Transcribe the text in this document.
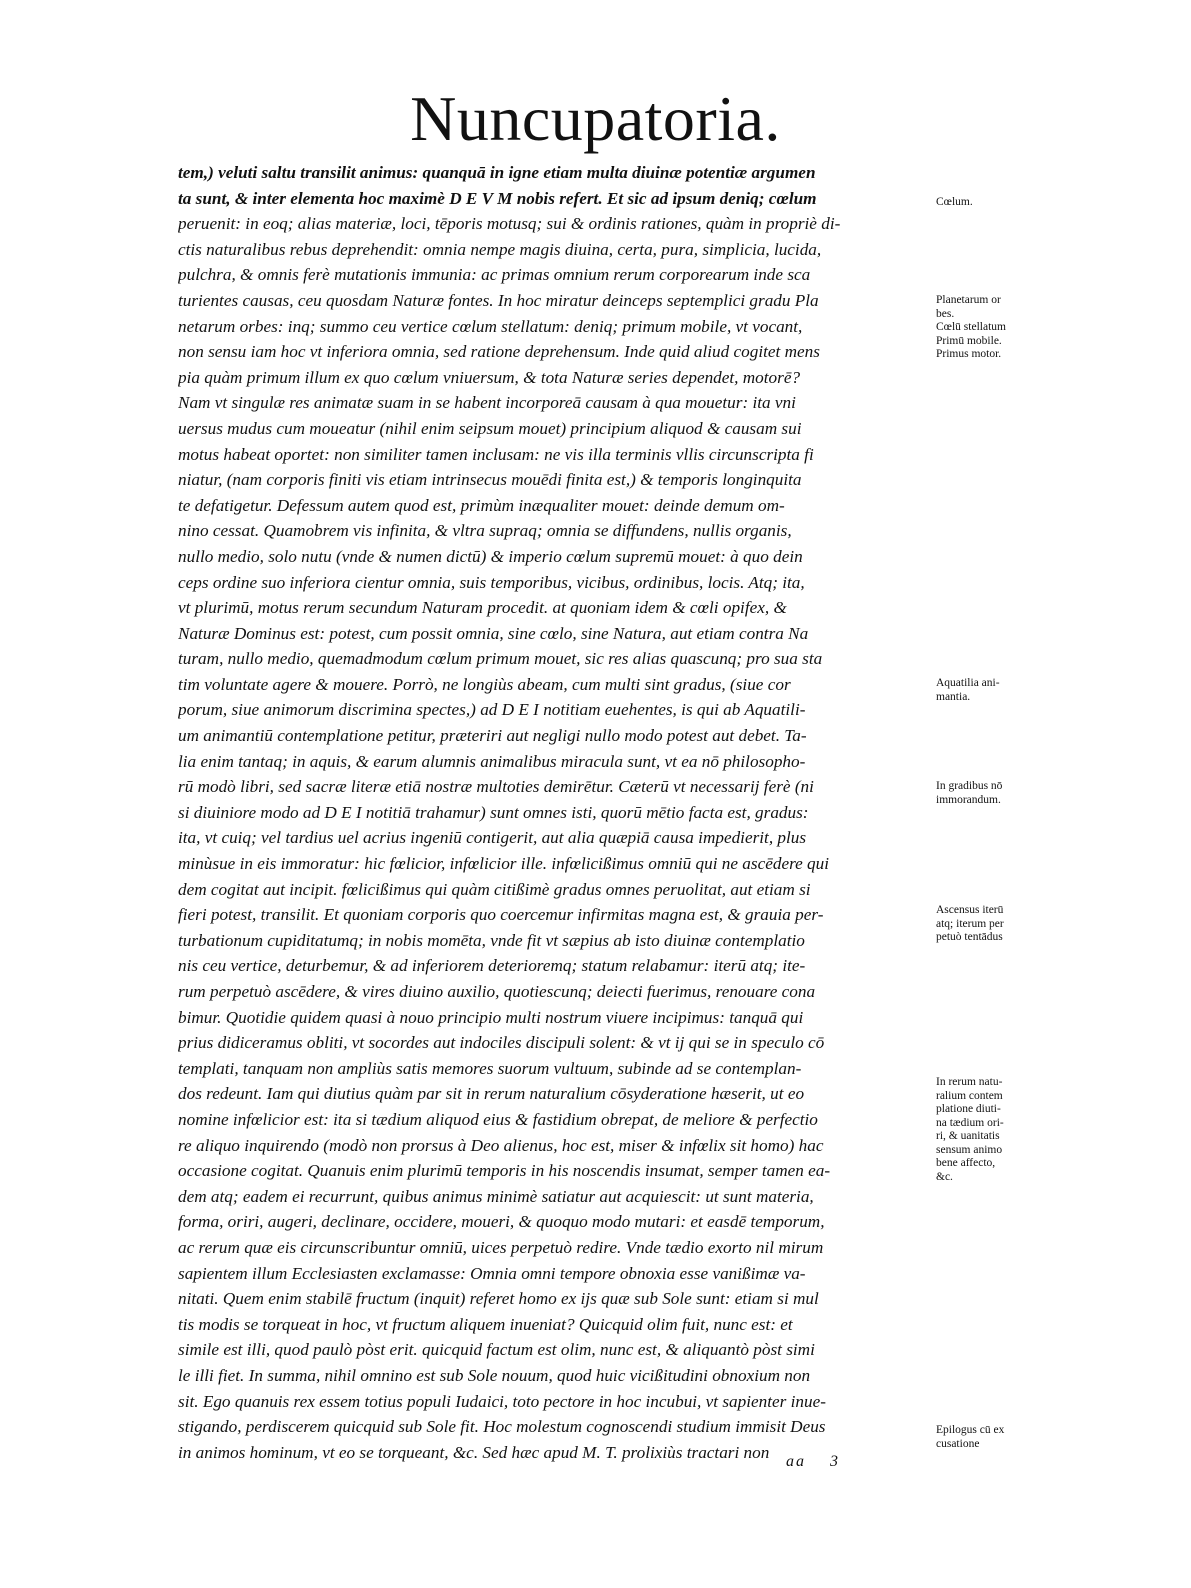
Nuncupatoria.
tem,) veluti saltu transilit animus: quanquā in igne etiam multa diuinæ potentiæ argumen
ta sunt, & inter elementa hoc maximè D E V M nobis refert. Et sic ad ipsum deniq; cœlum
peruenit: in eoq; alias materiæ, loci, tēporis motusq; sui & ordinis rationes, quàm in propriè di-
ctis naturalibus rebus deprehendit: omnia nempe magis diuina, certa, pura, simplicia, lucida,
pulchra, & omnis ferè mutationis immunia: ac primas omnium rerum corporearum inde sca
turientes causas, ceu quosdam Naturæ fontes. In hoc miratur deinceps septemplici gradu Pla
netarum orbes: inq; summo ceu vertice cœlum stellatum: deniq; primum mobile, vt vocant,
non sensu iam hoc vt inferiora omnia, sed ratione deprehensum. Inde quid aliud cogitet mens
pia quàm primum illum ex quo cœlum vniuersum, & tota Naturæ series dependet, motorē?
Nam vt singulæ res animatæ suam in se habent incorporeā causam à qua mouetur: ita vni
uersus mudus cum moueatur (nihil enim seipsum mouet) principium aliquod & causam sui
motus habeat oportet: non similiter tamen inclusam: ne vis illa terminis vllis circunscripta fi
niatur, (nam corporis finiti vis etiam intrinsecus mouēdi finita est,) & temporis longinquita
te defatigetur. Defessum autem quod est, primùm inæqualiter mouet: deinde demum om-
nino cessat. Quamobrem vis infinita, & vltra supraq; omnia se diffundens, nullis organis,
nullo medio, solo nutu (vnde & numen dictū) & imperio cœlum supremū mouet: à quo dein
ceps ordine suo inferiora cientur omnia, suis temporibus, vicibus, ordinibus, locis. Atq; ita,
vt plurimū, motus rerum secundum Naturam procedit. at quoniam idem & cœli opifex, &
Naturæ Dominus est: potest, cum possit omnia, sine cœlo, sine Natura, aut etiam contra Na
turam, nullo medio, quemadmodum cœlum primum mouet, sic res alias quascunq; pro sua sta
tim voluntate agere & mouere. Porrò, ne longiùs abeam, cum multi sint gradus, (siue cor
porum, siue animorum discrimina spectes,) ad D E I notitiam euehentes, is qui ab Aquatili-
um animantiū contemplatione petitur, præteriri aut negligi nullo modo potest aut debet. Ta-
lia enim tantaq; in aquis, & earum alumnis animalibus miracula sunt, vt ea nō philosopho-
rū modò libri, sed sacræ literæ etiā nostræ multoties demirētur. Cæterū vt necessarij ferè (ni
si diuiniore modo ad D E I notitiā trahamur) sunt omnes isti, quorū mētio facta est, gradus:
ita, vt cuiq; vel tardius uel acrius ingeniū contigerit, aut alia quæpiā causa impedierit, plus
minùsue in eis immoratur: hic fœlicior, infœlicior ille. infœlicißimus omniū qui ne ascēdere qui
dem cogitat aut incipit. fœlicißimus qui quàm citißimè gradus omnes peruolitat, aut etiam si
fieri potest, transilit. Et quoniam corporis quo coercemur infirmitas magna est, & grauia per-
turbationum cupiditatumq; in nobis momēta, vnde fit vt sæpius ab isto diuinæ contemplatio
nis ceu vertice, deturbemur, & ad inferiorem deterioremq; statum relabamur: iterū atq; ite-
rum perpetuò ascēdere, & vires diuino auxilio, quotiescunq; deiecti fuerimus, renouare cona
bimur. Quotidie quidem quasi à nouo principio multi nostrum viuere incipimus: tanquā qui
prius didiceramus obliti, vt socordes aut indociles discipuli solent: & vt ij qui se in speculo cō
templati, tanquam non ampliùs satis memores suorum vultuum, subinde ad se contemplan-
dos redeunt. Iam qui diutius quàm par sit in rerum naturalium cōsyderatione hæserit, ut eo
nomine infœlicior est: ita si tædium aliquod eius & fastidium obrepat, de meliore & perfectio
re aliquo inquirendo (modò non prorsus à Deo alienus, hoc est, miser & infœlix sit homo) hac
occasione cogitat. Quanuis enim plurimū temporis in his noscendis insumat, semper tamen ea-
dem atq; eadem ei recurrunt, quibus animus minimè satiatur aut acquiescit: ut sunt materia,
forma, oriri, augeri, declinare, occidere, moueri, & quoquo modo mutari: et easdē temporum,
ac rerum quæ eis circunscribuntur omniū, uices perpetuò redire. Vnde tædio exorto nil mirum
sapientem illum Ecclesiasten exclamasse: Omnia omni tempore obnoxia esse vanißimæ va-
nitati. Quem enim stabilē fructum (inquit) referet homo ex ijs quæ sub Sole sunt: etiam si mul
tis modis se torqueat in hoc, vt fructum aliquem inueniat? Quicquid olim fuit, nunc est: et
simile est illi, quod paulò pòst erit. quicquid factum est olim, nunc est, & aliquantò pòst simi
le illi fiet. In summa, nihil omnino est sub Sole nouum, quod huic vicißitudini obnoxium non
sit. Ego quanuis rex essem totius populi Iudaici, toto pectore in hoc incubui, vt sapienter inue-
stigando, perdiscerem quicquid sub Sole fit. Hoc molestum cognoscendi studium immisit Deus
in animos hominum, vt eo se torqueant, &c. Sed hæc apud M. T. prolixiùs tractari non
Cœlum.
Planetarum or
bes.
Cœlū stellatum
Primū mobile.
Primus motor.
Aquatilia ani-
mantia.
In gradibus nō
immorandum.
Ascensus iterū
atq; iterum per
petuò tentādus
In rerum natu-
ralium contem
platione diuti-
na tædium ori-
ri, & uanitatis
sensum animo
bene affecto,
&c.
Epilogus cū ex
cusatione
aa 3
